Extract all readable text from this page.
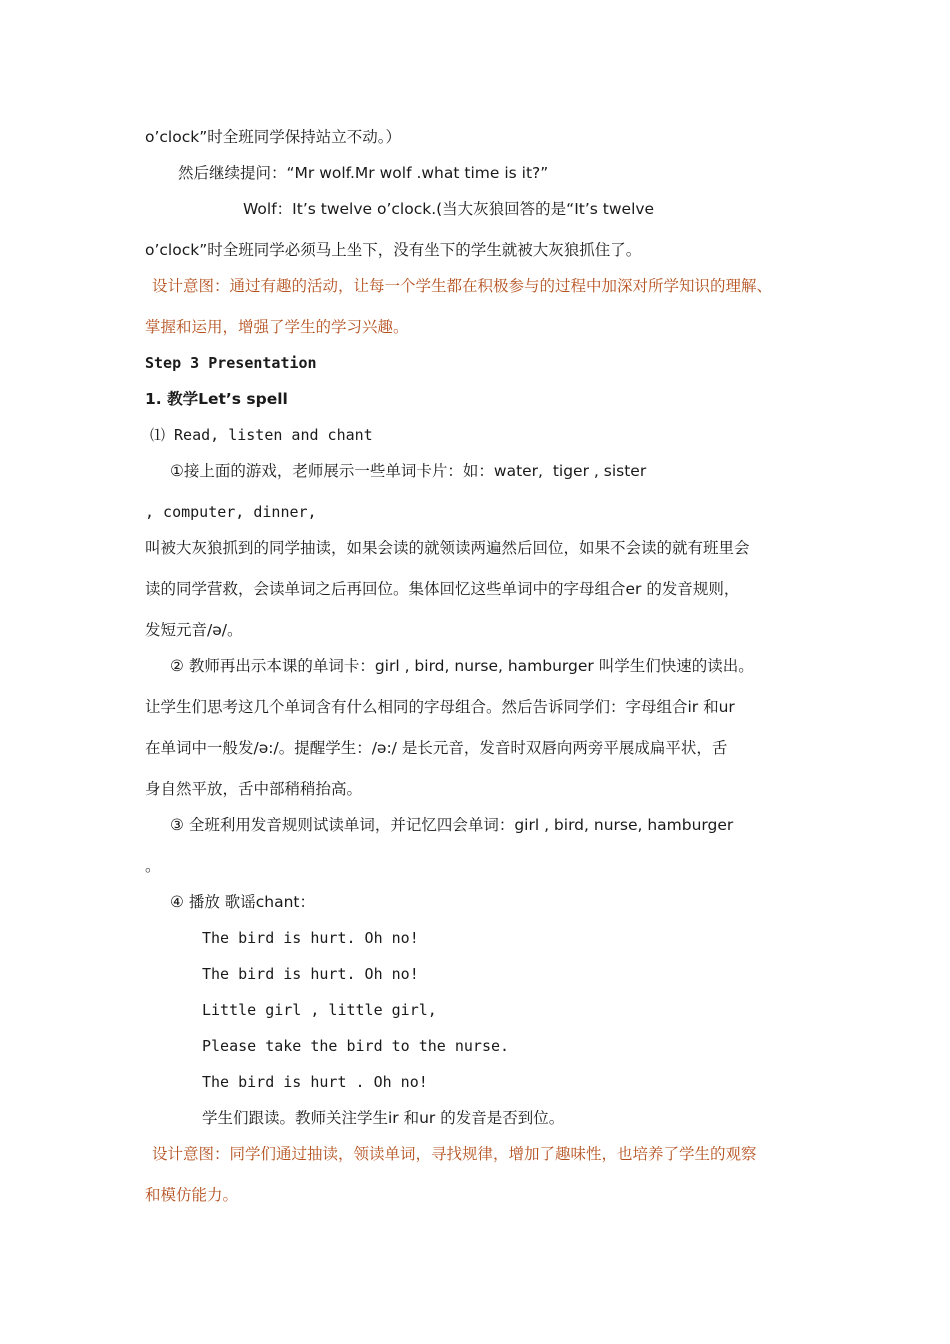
o’clock”时全班同学保持站立不动。）
然后继续提问：“Mr wolf.Mr wolf .what time is it?”
Wolf：It’s twelve o’clock.(当大灰狼回答的是“It’s twelve
o’clock”时全班同学必须马上坐下，没有坐下的学生就被大灰狼抓住了。
设计意图：通过有趣的活动，让每一个学生都在积极参与的过程中加深对所学知识的理解、
掌握和运用，增强了学生的学习兴趣。
Step 3 Presentation
1. 教学Let’s spell
⑴ Read, listen and chant
①接上面的游戏，老师展示一些单词卡片：如：water,  tiger , sister
, computer, dinner,
叫被大灰狼抓到的同学抽读，如果会读的就领读两遍然后回位，如果不会读的就有班里会
读的同学营救，会读单词之后再回位。集体回忆这些单词中的字母组合er 的发音规则，
发短元音/ə/。
② 教师再出示本课的单词卡：girl , bird, nurse, hamburger 叫学生们快速的读出。
让学生们思考这几个单词含有什么相同的字母组合。然后告诉同学们：字母组合ir 和ur
在单词中一般发/ə:/。提醒学生：/ə:/ 是长元音，发音时双唇向两旁平展成扁平状，舌
身自然平放，舌中部稍稍抬高。
③ 全班利用发音规则试读单词，并记忆四会单词：girl , bird, nurse, hamburger
。
④ 播放 歌谣chant：
The bird is hurt. Oh no!
The bird is hurt. Oh no!
Little girl , little girl,
Please take the bird to the nurse.
The bird is hurt . Oh no!
学生们跟读。教师关注学生ir 和ur 的发音是否到位。
设计意图：同学们通过抽读，领读单词，寻找规律，增加了趣味性，也培养了学生的观察
和模仿能力。
